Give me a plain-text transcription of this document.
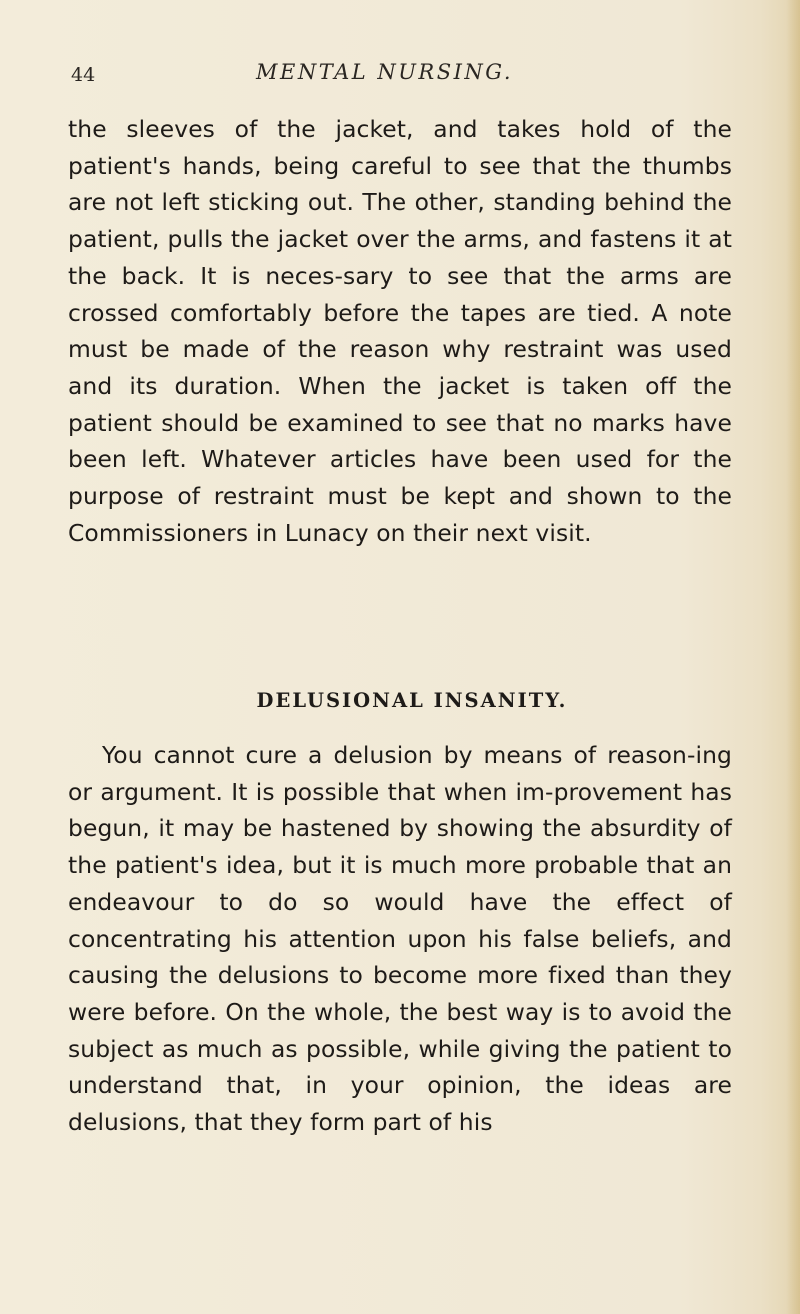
44	MENTAL NURSING.

the sleeves of the jacket, and takes hold of the patient's hands, being careful to see that the thumbs are not left sticking out. The other, standing behind the patient, pulls the jacket over the arms, and fastens it at the back. It is neces-sary to see that the arms are crossed comfortably before the tapes are tied. A note must be made of the reason why restraint was used and its duration. When the jacket is taken off the patient should be examined to see that no marks have been left. Whatever articles have been used for the purpose of restraint must be kept and shown to the Commissioners in Lunacy on their next visit.

DELUSIONAL INSANITY.

You cannot cure a delusion by means of reason-ing or argument. It is possible that when im-provement has begun, it may be hastened by showing the absurdity of the patient's idea, but it is much more probable that an endeavour to do so would have the effect of concentrating his attention upon his false beliefs, and causing the delusions to become more fixed than they were before. On the whole, the best way is to avoid the subject as much as possible, while giving the patient to understand that, in your opinion, the ideas are delusions, that they form part of his
